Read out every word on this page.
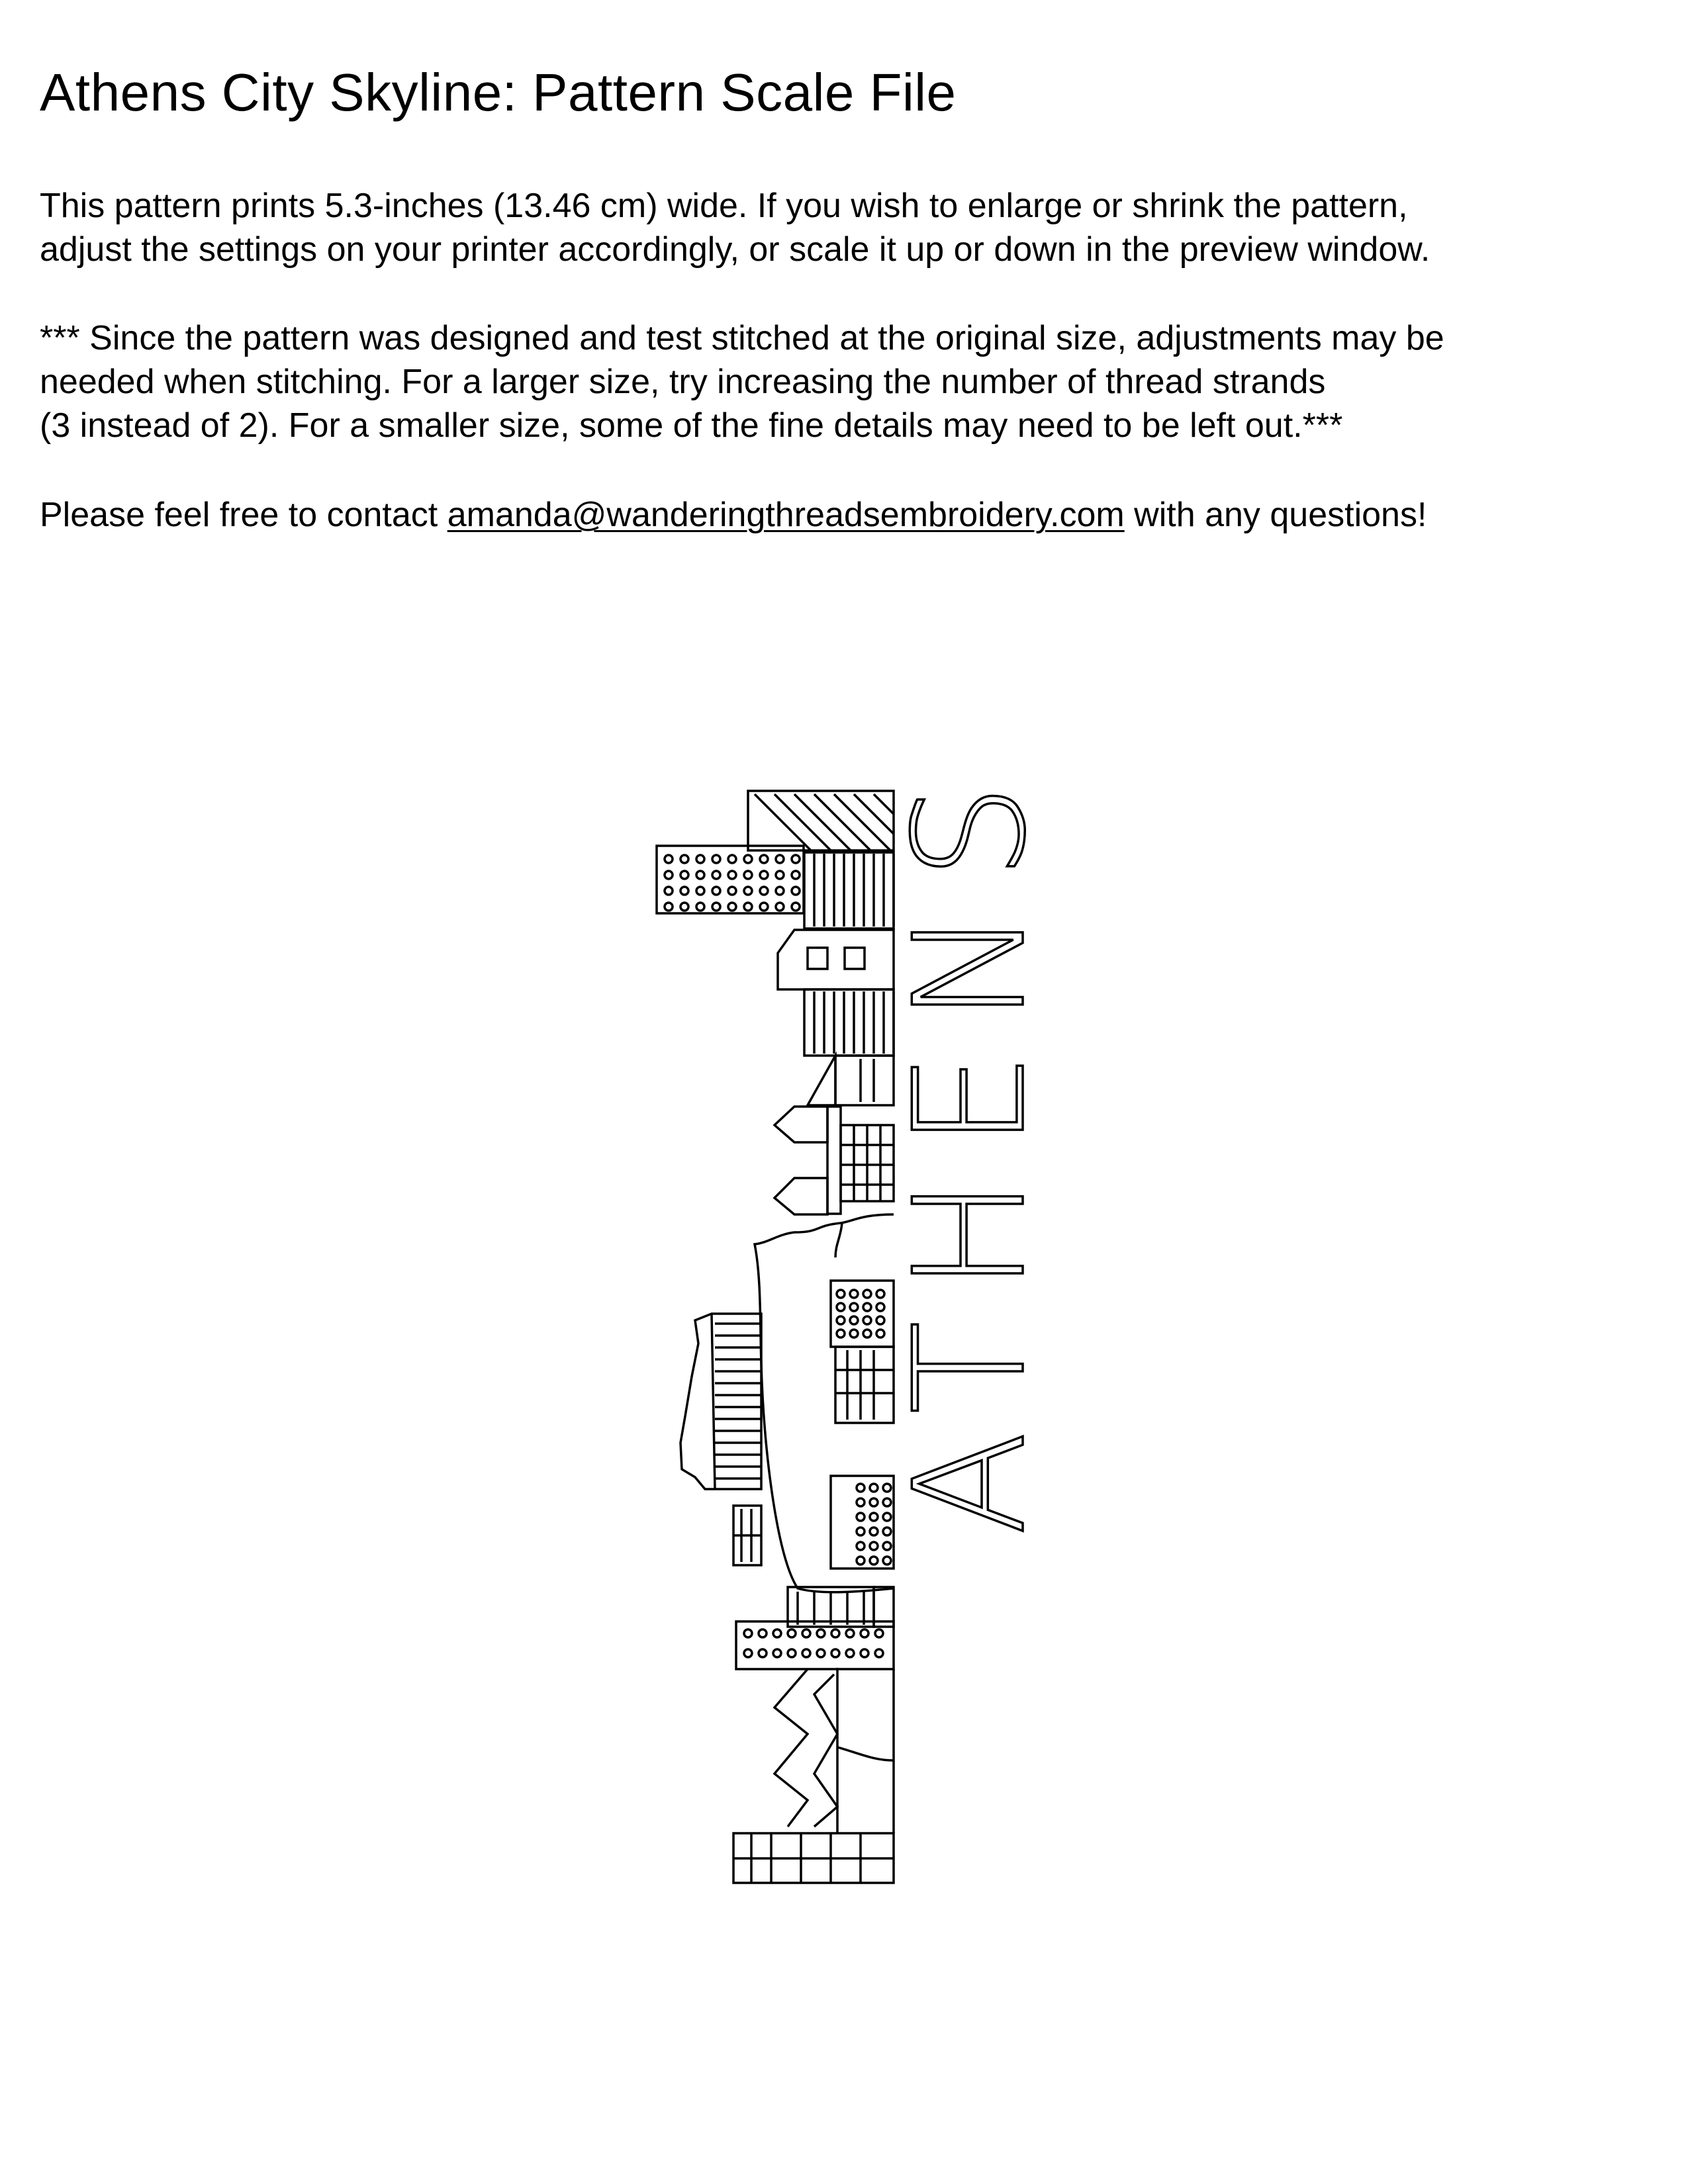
Athens City Skyline: Pattern Scale File
This pattern prints 5.3-inches (13.46 cm) wide. If you wish to enlarge or shrink the pattern,
adjust the settings on your printer accordingly, or scale it up or down in the preview window.
*** Since the pattern was designed and test stitched at the original size, adjustments may be
needed when stitching. For a larger size, try increasing the number of thread strands
(3 instead of 2). For a smaller size, some of the fine details may need to be left out.***
Please feel free to contact amanda@wanderingthreadsembroidery.com with any questions!
ATHENS
